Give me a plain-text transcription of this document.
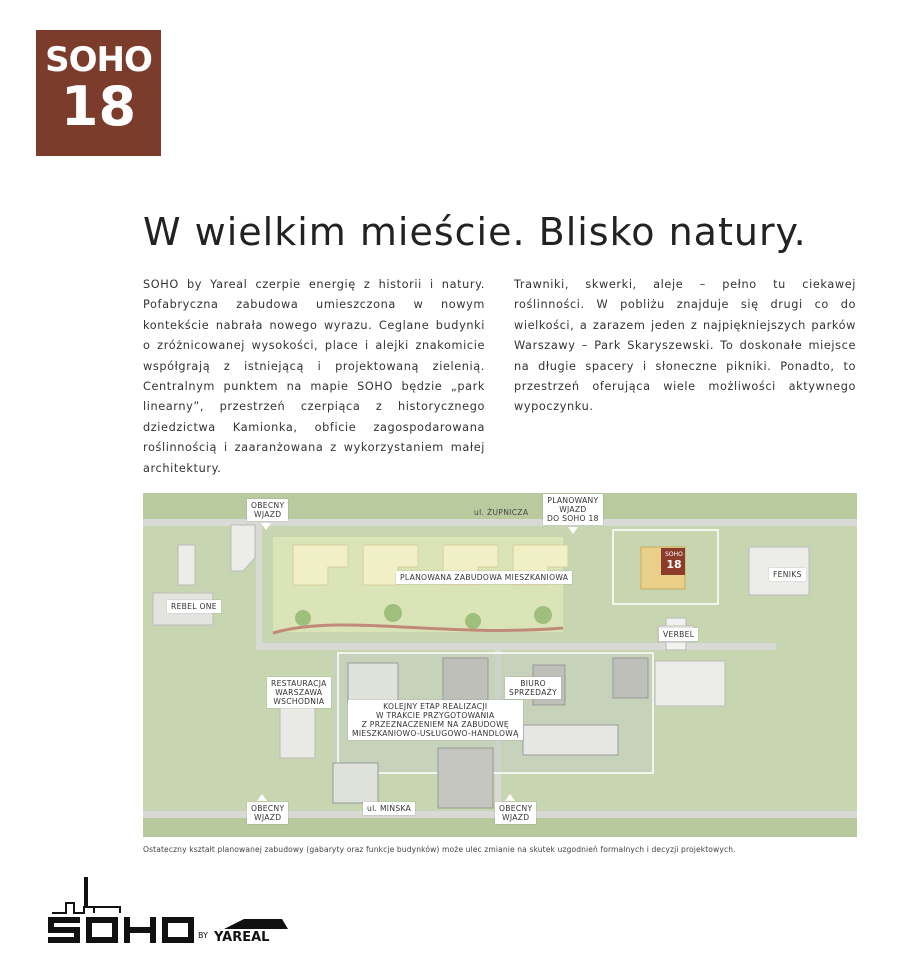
SOHO
18
W wielkim mieście. Blisko natury.

SOHO by Yareal czerpie energię z historii i natury. Pofabryczna zabudowa umieszczona w nowym kontekście nabrała nowego wyrazu. Ceglane budynki o zróżnicowanej wysokości, place i alejki znakomicie współgrają z istniejącą i projektowaną zielenią. Centralnym punktem na mapie SOHO będzie „park linearny”, przestrzeń czerpiąca z historycznego dziedzictwa Kamionka, obficie zagospodarowana roślinnością i zaaranżowana z wykorzystaniem małej architektury.

Trawniki, skwerki, aleje – pełno tu ciekawej roślinności. W pobliżu znajduje się drugi co do wielkości, a zarazem jeden z najpiękniejszych parków Warszawy – Park Skaryszewski. To doskonałe miejsce na długie spacery i słoneczne pikniki. Ponadto, to przestrzeń oferująca wiele możliwości aktywnego wypoczynku.

OBECNY
WJAZD	ul. ŻUPNICZA
PLANOWANY
WJAZD
DO SOHO 18
PLANOWANA ZABUDOWA MIESZKANIOWA
SOHO
18
FENIKS
REBEL ONE
VERBEL
RESTAURACJA
WARSZAWA
WSCHODNIA
BIURO
SPRZEDAŻY
KOLEJNY ETAP REALIZACJI
W TRAKCIE PRZYGOTOWANIA
Z PRZEZNACZENIEM NA ZABUDOWĘ
MIESZKANIOWO-USŁUGOWO-HANDLOWĄ
OBECNY
WJAZD
ul. MIŃSKA	OBECNY
WJAZD

Ostateczny kształt planowanej zabudowy (gabaryty oraz funkcje budynków) może ulec zmianie na skutek uzgodnień formalnych i decyzji projektowych.

BY YAREAL
